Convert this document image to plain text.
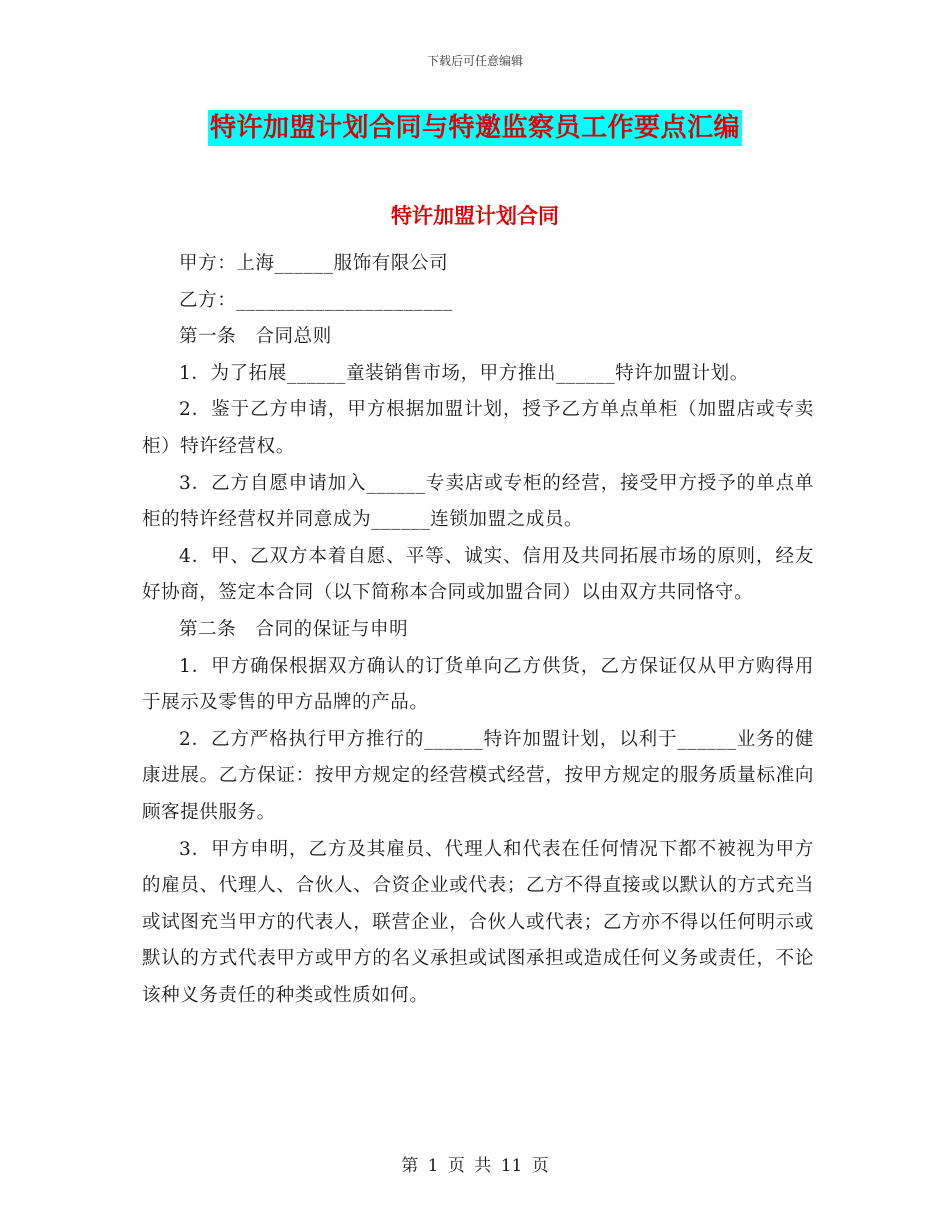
下载后可任意编辑
特许加盟计划合同与特邀监察员工作要点汇编
特许加盟计划合同

甲方：上海______服饰有限公司

乙方：______________________

第一条　合同总则

1．为了拓展______童装销售市场，甲方推出______特许加盟计划。

2．鉴于乙方申请，甲方根据加盟计划，授予乙方单点单柜（加盟店或专卖柜）特许经营权。

3．乙方自愿申请加入______专卖店或专柜的经营，接受甲方授予的单点单柜的特许经营权并同意成为______连锁加盟之成员。

4．甲、乙双方本着自愿、平等、诚实、信用及共同拓展市场的原则，经友好协商，签定本合同（以下简称本合同或加盟合同）以由双方共同恪守。

第二条　合同的保证与申明

1．甲方确保根据双方确认的订货单向乙方供货，乙方保证仅从甲方购得用于展示及零售的甲方品牌的产品。

2．乙方严格执行甲方推行的______特许加盟计划，以利于______业务的健康进展。乙方保证：按甲方规定的经营模式经营，按甲方规定的服务质量标准向顾客提供服务。

3．甲方申明，乙方及其雇员、代理人和代表在任何情况下都不被视为甲方的雇员、代理人、合伙人、合资企业或代表；乙方不得直接或以默认的方式充当或试图充当甲方的代表人，联营企业，合伙人或代表；乙方亦不得以任何明示或默认的方式代表甲方或甲方的名义承担或试图承担或造成任何义务或责任，不论该种义务责任的种类或性质如何。

第 1 页 共 11 页
